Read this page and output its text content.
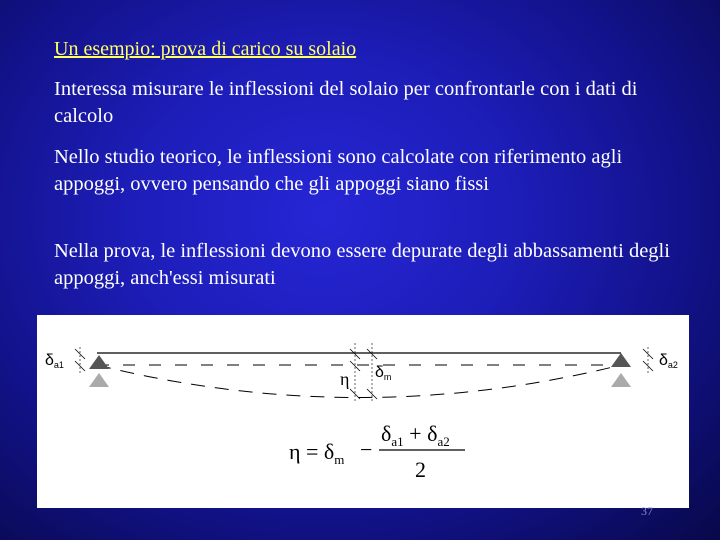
Un esempio: prova di carico su solaio
Interessa misurare le inflessioni del solaio per confrontarle con i dati di calcolo
Nello studio teorico, le inflessioni sono calcolate con riferimento agli appoggi, ovvero pensando che gli appoggi siano fissi
Nella prova, le inflessioni devono essere depurate degli abbassamenti degli appoggi, anch'essi misurati
δa1	δa2
η δm
$\eta = \delta_m$ −
$\delta_{a1} + \delta_{a2}$
2
37
